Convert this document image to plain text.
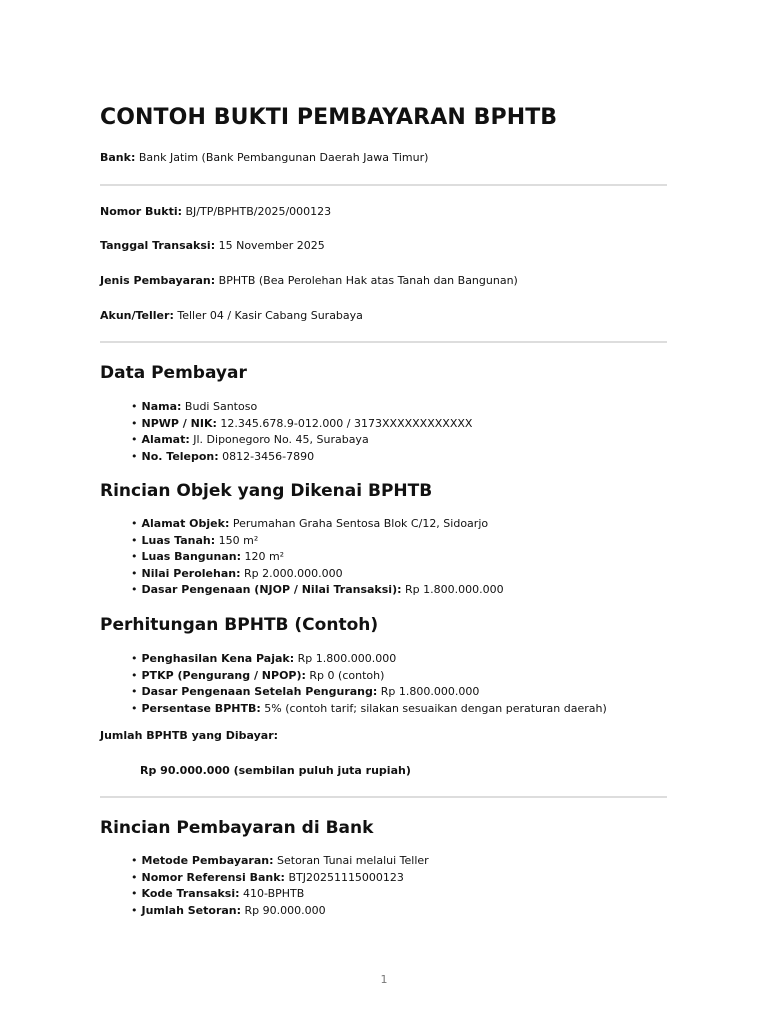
CONTOH BUKTI PEMBAYARAN BPHTB

Bank: Bank Jatim (Bank Pembangunan Daerah Jawa Timur)

Nomor Bukti: BJ/TP/BPHTB/2025/000123

Tanggal Transaksi: 15 November 2025

Jenis Pembayaran: BPHTB (Bea Perolehan Hak atas Tanah dan Bangunan)

Akun/Teller: Teller 04 / Kasir Cabang Surabaya

Data Pembayar
• Nama: Budi Santoso
• NPWP / NIK: 12.345.678.9-012.000 / 3173XXXXXXXXXXXX
• Alamat: Jl. Diponegoro No. 45, Surabaya
• No. Telepon: 0812-3456-7890
Rincian Objek yang Dikenai BPHTB
• Alamat Objek: Perumahan Graha Sentosa Blok C/12, Sidoarjo
• Luas Tanah: 150 m²
• Luas Bangunan: 120 m²
• Nilai Perolehan: Rp 2.000.000.000
• Dasar Pengenaan (NJOP / Nilai Transaksi): Rp 1.800.000.000
Perhitungan BPHTB (Contoh)
• Penghasilan Kena Pajak: Rp 1.800.000.000
• PTKP (Pengurang / NPOP): Rp 0 (contoh)
• Dasar Pengenaan Setelah Pengurang: Rp 1.800.000.000
• Persentase BPHTB: 5% (contoh tarif; silakan sesuaikan dengan peraturan daerah)

Jumlah BPHTB yang Dibayar:

Rp 90.000.000 (sembilan puluh juta rupiah)

Rincian Pembayaran di Bank
• Metode Pembayaran: Setoran Tunai melalui Teller
• Nomor Referensi Bank: BTJ20251115000123
• Kode Transaksi: 410-BPHTB
• Jumlah Setoran: Rp 90.000.000
1
